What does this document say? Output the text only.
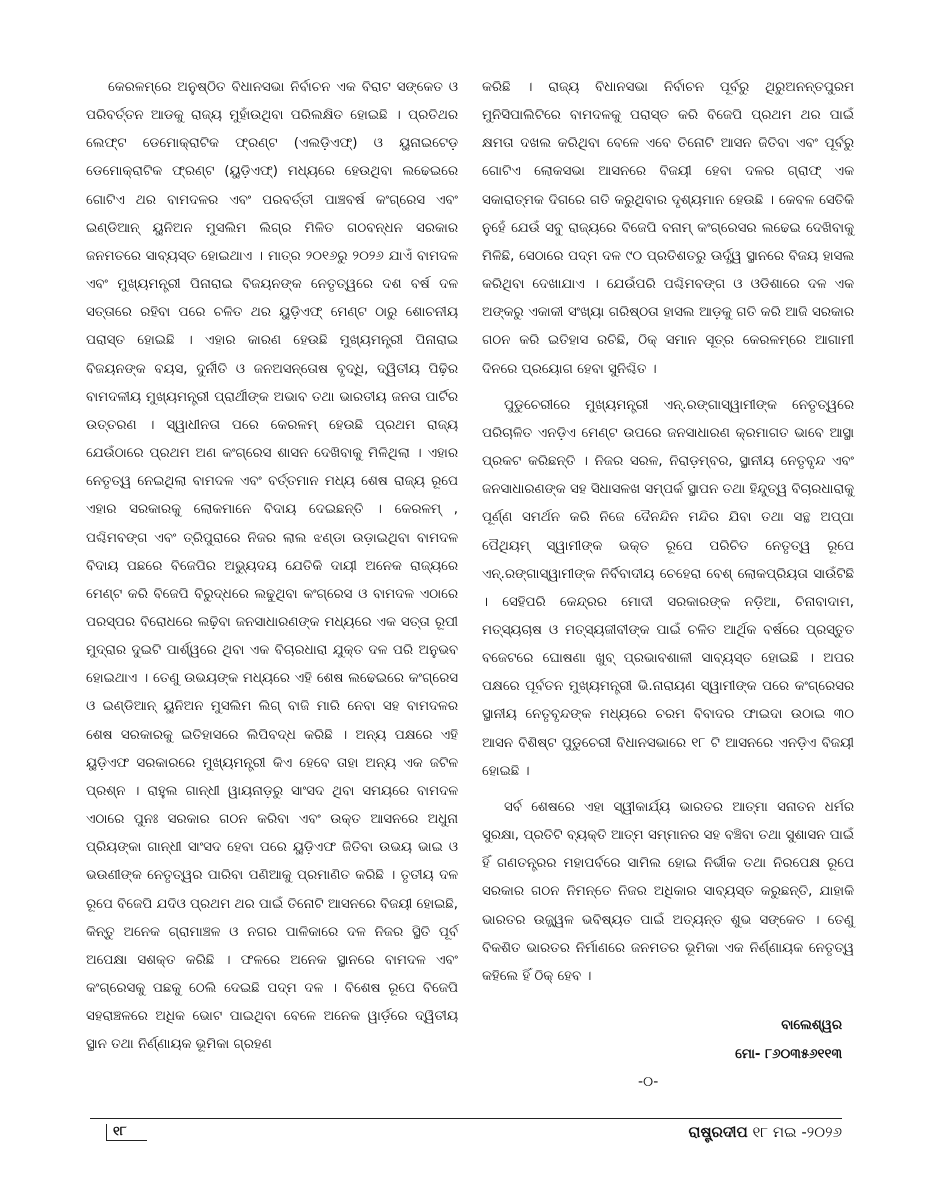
କେରଳମ୍‌ରେ ଅନୁଷ୍ଠିତ ବିଧାନସଭା ନିର୍ବାଚନ ଏକ ବିରାଟ ସଙ୍କେତ ଓ ପରିବର୍ତ୍ତନ ଆଡକୁ ରାଜ୍ୟ ମୁହାଁଉଥିବା ପରିଲକ୍ଷିତ ହୋଇଛି । ପ୍ରତିଥର ଲେଫ୍‌ଟ ଡେମୋକ୍ରାଟିକ ଫ୍ରଣ୍ଟ (ଏଲଡ଼ିଏଫ୍‌) ଓ ୟୁନାଇଟେଡ଼ ଡେମୋକ୍ରାଟିକ ଫ୍ରଣ୍ଟ (ୟୁଡ଼ିଏଫ୍‌) ମଧ୍ୟରେ ହେଉଥିବା ଲଢେଇରେ ଗୋଟିଏ ଥର ବାମଦଳର ଏବଂ ପରବର୍ତ୍ତୀ ପାଞ୍ଚବର୍ଷ କଂଗ୍ରେସ ଏବଂ ଇଣ୍ଡିଆନ୍‌ ୟୁନିଅନ ମୁସଲିମ ଲିଗ୍‌ର ମିଳିତ ଗଠବନ୍ଧନ ସରକାର ଜନମତରେ ସାବ୍ୟସ୍ତ ହୋଇଥାଏ । ମାତ୍ର ୨୦୧୬ରୁ ୨୦୨୬ ଯାଏଁ ବାମଦଳ ଏବଂ ମୁଖ୍ୟମନ୍ତ୍ରୀ ପିନାରାଇ ବିଜୟନଙ୍କ ନେତୃତ୍ୱରେ ଦଶ ବର୍ଷ ଦଳ ସତ୍ତାରେ ରହିବା ପରେ ଚଳିତ ଥର ୟୁଡ଼ିଏଫ୍‌ ମେଣ୍ଟ ଠାରୁ ଶୋଚନୀୟ ପରାସ୍ତ ହୋଇଛି । ଏହାର କାରଣ ହେଉଛି ମୁଖ୍ୟମନ୍ତ୍ରୀ ପିନାରାଇ ବିଜୟନଙ୍କ ବୟସ, ଦୁର୍ନୀତି ଓ ଜନଅସନ୍ତୋଷ ବୃଦ୍ଧି, ଦ୍ୱିତୀୟ ପିଢ଼ିର ବାମଦଳୀୟ ମୁଖ୍ୟମନ୍ତ୍ରୀ ପ୍ରାର୍ଥୀଙ୍କ ଅଭାବ ତଥା ଭାରତୀୟ ଜନତା ପାର୍ଟିର ଉତ୍ତରଣ । ସ୍ୱାଧୀନତା ପରେ କେରଳମ୍‌ ହେଉଛି ପ୍ରଥମ ରାଜ୍ୟ ଯେଉଁଠାରେ ପ୍ରଥମ ଅଣ କଂଗ୍ରେସ ଶାସନ ଦେଖିବାକୁ ମିଳିଥିଲା । ଏହାର ନେତୃତ୍ୱ ନେଇଥିଲା ବାମଦଳ ଏବଂ ବର୍ତ୍ତମାନ ମଧ୍ୟ ଶେଷ ରାଜ୍ୟ ରୂପେ ଏହାର ସରକାରକୁ ଲୋକମାନେ ବିଦାୟ ଦେଇଛନ୍ତି । କେରଳମ୍‌ , ପଶ୍ଚିମବଙ୍ଗ ଏବଂ ତ୍ରିପୁରାରେ ନିଜର ଲାଲ ଝଣ୍ଡା ଉଡ଼ାଇଥିବା ବାମଦଳ ବିଦାୟ ପଛରେ ବିଜେପିର ଅଭ୍ୟୁଦୟ ଯେତିକି ଦାୟୀ ଅନେକ ରାଜ୍ୟରେ ମେଣ୍ଟ କରି ବିଜେପି ବିରୁଦ୍ଧରେ ଲଢୁଥିବା କଂଗ୍ରେସ ଓ ବାମଦଳ ଏଠାରେ ପରସ୍ପର ବିରୋଧରେ ଲଢ଼ିବା ଜନସାଧାରଣଙ୍କ ମଧ୍ୟରେ ଏକ ସତ୍ତା ରୂପୀ ମୁଦ୍ରାର ଦୁଇଟି ପାର୍ଶ୍ୱରେ ଥିବା ଏକ ବିଚାରଧାରା ଯୁକ୍ତ ଦଳ ପରି ଅନୁଭବ ହୋଇଥାଏ । ତେଣୁ ଉଭୟଙ୍କ ମଧ୍ୟରେ ଏହି ଶେଷ ଲଢେଇରେ କଂଗ୍ରେସ ଓ ଇଣ୍ଡିଆନ୍‌ ୟୁନିଅନ ମୁସଲିମ ଲିଗ୍‌ ବାଜି ମାରି ନେବା ସହ ବାମଦଳର ଶେଷ ସରକାରକୁ ଇତିହାସରେ ଲିପିବଦ୍ଧ କରିଛି । ଅନ୍ୟ ପକ୍ଷରେ ଏହି ୟୁଡ଼ିଏଫ ସରକାରରେ ମୁଖ୍ୟମନ୍ତ୍ରୀ କିଏ ହେବେ ତାହା ଅନ୍ୟ ଏକ ଜଟିଳ ପ୍ରଶ୍ନ । ରାହୁଲ ଗାନ୍ଧୀ ୱାୟନାଡ଼ରୁ ସାଂସଦ ଥିବା ସମୟରେ ବାମଦଳ ଏଠାରେ ପୁନଃ ସରକାର ଗଠନ କରିବା ଏବଂ ଉକ୍ତ ଆସନରେ ଅଧୁନା ପ୍ରିୟଙ୍କା ଗାନ୍ଧୀ ସାଂସଦ ହେବା ପରେ ୟୁଡ଼ିଏଫ ଜିତିବା ଉଭୟ ଭାଇ ଓ ଭଉଣୀଙ୍କ ନେତୃତ୍ୱର ପାରିବା ପଣିଆକୁ ପ୍ରମାଣିତ କରିଛି । ତୃତୀୟ ଦଳ ରୂପେ ବିଜେପି ଯଦିଓ ପ୍ରଥମ ଥର ପାଇଁ ତିନୋଟି ଆସନରେ ବିଜୟୀ ହୋଇଛି, କିନ୍ତୁ ଅନେକ ଗ୍ରାମାଞ୍ଚଳ ଓ ନଗର ପାଳିକାରେ ଦଳ ନିଜର ସ୍ଥିତି ପୂର୍ବ ଅପେକ୍ଷା ସଶକ୍ତ କରିଛି । ଫଳରେ ଅନେକ ସ୍ଥାନରେ ବାମଦଳ ଏବଂ କଂଗ୍ରେସକୁ ପଛକୁ ଠେଲି ଦେଇଛି ପଦ୍ମ ଦଳ । ବିଶେଷ ରୂପେ ବିଜେପି ସହରାଞ୍ଚଳରେ ଅଧିକ ଭୋଟ ପାଇଥିବା ବେଳେ ଅନେକ ୱାର୍ଡ଼ରେ ଦ୍ୱିତୀୟ ସ୍ଥାନ ତଥା ନିର୍ଣ୍ଣାୟକ ଭୂମିକା ଗ୍ରହଣ

କରିଛି । ରାଜ୍ୟ ବିଧାନସଭା ନିର୍ବାଚନ ପୂର୍ବରୁ ଥିରୁଅନନ୍ତପୁରମ ମୁନିସିପାଲିଟିରେ ବାମଦଳକୁ ପରାସ୍ତ କରି ବିଜେପି ପ୍ରଥମ ଥର ପାଇଁ କ୍ଷମତା ଦଖଲ କରିଥିବା ବେଳେ ଏବେ ତିନୋଟି ଆସନ ଜିତିବା ଏବଂ ପୂର୍ବରୁ ଗୋଟିଏ ଲୋକସଭା ଆସନରେ ବିଜୟୀ ହେବା ଦଳର ଗ୍ରାଫ୍‌ ଏକ ସକାରାତ୍ମକ ଦିଗରେ ଗତି କରୁଥିବାର ଦୃଶ୍ୟମାନ ହେଉଛି । କେବଳ ସେତିକି ନୁହେଁ ଯେଉଁ ସବୁ ରାଜ୍ୟରେ ବିଜେପି ବନାମ୍‌ କଂଗ୍ରେସର ଲଢେଇ ଦେଖିବାକୁ ମିଳିଛି, ସେଠାରେ ପଦ୍ମ ଦଳ ୯୦ ପ୍ରତିଶତରୁ ଊର୍ଦ୍ଧ୍ୱ ସ୍ଥାନରେ ବିଜୟ ହାସଲ କରିଥିବା ଦେଖାଯାଏ । ଯେଉଁପରି ପଶ୍ଚିମବଙ୍ଗ ଓ ଓଡିଶାରେ ଦଳ ଏକ ଅଙ୍କରୁ ଏକାକୀ ସଂଖ୍ୟା ଗରିଷ୍ଠତା ହାସଲ ଆଡ଼କୁ ଗତି କରି ଆଜି ସରକାର ଗଠନ କରି ଇତିହାସ ରଚିଛି, ଠିକ୍‌ ସମାନ ସୂତ୍ର କେରଳମ୍‌ରେ ଆଗାମୀ ଦିନରେ ପ୍ରୟୋଗ ହେବା ସୁନିଶ୍ଚିତ ।

ପୁଡୁଚେରୀରେ ମୁଖ୍ୟମନ୍ତ୍ରୀ ଏନ୍‌.ରଙ୍ଗାସ୍ୱାମୀଙ୍କ ନେତୃତ୍ୱରେ ପରିଚାଳିତ ଏନଡ଼ିଏ ମେଣ୍ଟ ଉପରେ ଜନସାଧାରଣ କ୍ରମାଗତ ଭାବେ ଆସ୍ଥା ପ୍ରକଟ କରିଛନ୍ତି । ନିଜର ସରଳ, ନିରାଡ଼ମ୍ବର, ସ୍ଥାନୀୟ ନେତୃବୃନ୍ଦ ଏବଂ ଜନସାଧାରଣଙ୍କ ସହ ସିଧାସଳଖ ସମ୍ପର୍କ ସ୍ଥାପନ ତଥା ହିନ୍ଦୁତ୍ୱ ବିଚାରଧାରାକୁ ପୂର୍ଣ୍ଣ ସମର୍ଥନ କରି ନିଜେ ଦୈନନ୍ଦିନ ମନ୍ଦିର ଯିବା ତଥା ସନ୍ଥ ଅପ୍ପା ପୈଥିୟମ୍‌ ସ୍ୱାମୀଙ୍କ ଭକ୍ତ ରୂପେ ପରିଚିତ ନେତୃତ୍ୱ ରୂପେ ଏନ୍‌.ରଙ୍ଗାସ୍ୱାମୀଙ୍କ ନିର୍ବିବାଦୀୟ ଚେହେରା ବେଶ୍‌ ଲୋକପ୍ରିୟତା ସାଉଁଟିଛି । ସେହିପରି କେନ୍ଦ୍ରର ମୋଦୀ ସରକାରଙ୍କ ନଡ଼ିଆ, ଚିନାବାଦାମ, ମତ୍ସ୍ୟଚାଷ ଓ ମତ୍ସ୍ୟଜୀବୀଙ୍କ ପାଇଁ ଚଳିତ ଆର୍ଥିକ ବର୍ଷରେ ପ୍ରସ୍ତୁତ ବଜେଟରେ ଘୋଷଣା ଖୁବ୍‌ ପ୍ରଭାବଶାଳୀ ସାବ୍ୟସ୍ତ ହୋଇଛି । ଅପର ପକ୍ଷରେ ପୂର୍ବତନ ମୁଖ୍ୟମନ୍ତ୍ରୀ ଭି.ନାରାୟଣ ସ୍ୱାମୀଙ୍କ ପରେ କଂଗ୍ରେସର ସ୍ଥାନୀୟ ନେତୃବୃନ୍ଦଙ୍କ ମଧ୍ୟରେ ଚରମ ବିବାଦର ଫାଇଦା ଉଠାଇ ୩୦ ଆସନ ବିଶିଷ୍ଟ ପୁଡୁଚେରୀ ବିଧାନସଭାରେ ୧୮ ଟି ଆସନରେ ଏନଡ଼ିଏ ବିଜୟୀ ହୋଇଛି ।

ସର୍ବ ଶେଷରେ ଏହା ସ୍ୱୀକାର୍ଯ୍ୟ ଭାରତର ଆତ୍ମା ସନାତନ ଧର୍ମର ସୁରକ୍ଷା, ପ୍ରତିଟି ବ୍ୟକ୍ତି ଆତ୍ମ ସମ୍ମାନର ସହ ବଞ୍ଚିବା ତଥା ସୁଶାସନ ପାଇଁ ହିଁ ଗଣତନ୍ତ୍ରର ମହାପର୍ବରେ ସାମିଲ ହୋଇ ନିର୍ଭୀକ ତଥା ନିରପେକ୍ଷ ରୂପେ ସରକାର ଗଠନ ନିମନ୍ତେ ନିଜର ଅଧିକାର ସାବ୍ୟସ୍ତ କରୁଛନ୍ତି, ଯାହାକି ଭାରତର ଉଜ୍ଜ୍ୱଳ ଭବିଷ୍ୟତ ପାଇଁ ଅତ୍ୟନ୍ତ ଶୁଭ ସଙ୍କେତ । ତେଣୁ ବିକଶିତ ଭାରତର ନିର୍ମାଣରେ ଜନମତର ଭୂମିକା ଏକ ନିର୍ଣ୍ଣାୟକ ନେତୃତ୍ୱ କହିଲେ ହିଁ ଠିକ୍‌ ହେବ ।

ବାଲେଶ୍ୱର
ମୋ- ୮୬୦୩୫୬୧୧୩
-୦-
୧୮	ରାଷ୍ଟ୍ରଦୀପ ୧୮ ମଇ -୨୦୨୬
